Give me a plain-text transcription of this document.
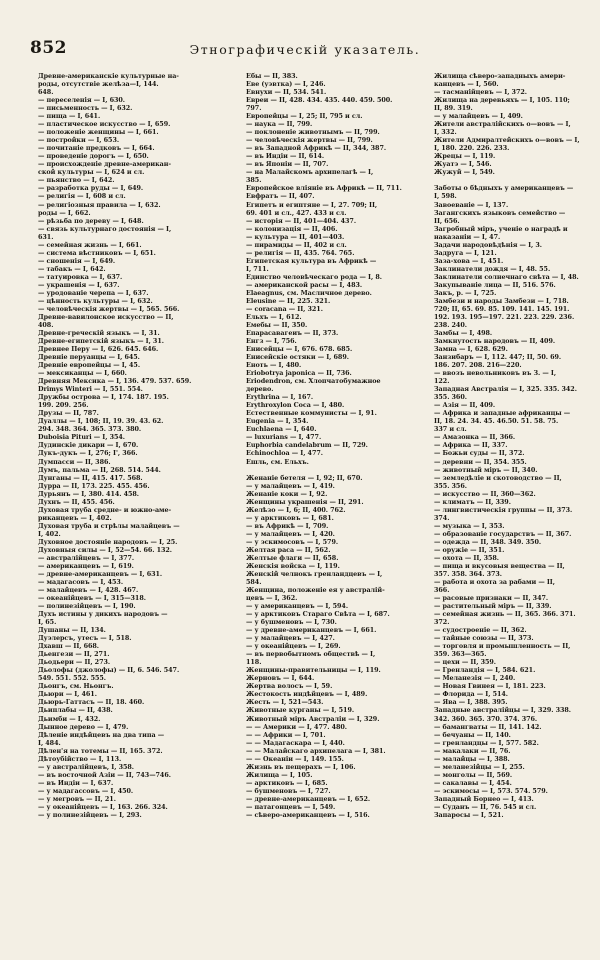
852	Этнографическій указатель.
Древне-американскіе культурные на-
роды, отсутствіе желѣза—I, 144.
648.
— переселенія — I, 630.
— письменность — I, 632.
— пища — I, 641.
— пластическое искусство — I, 659.
— положеніе женщины — I, 661.
— постройки — I, 653.
— почитаніе предковъ — I, 664.
— проведеніе дорогъ — I, 650.
— происхожденіе древне-американ-
ской культуры — I, 624 и сл.
— пьянство — I, 642.
— разработка руды — I, 649.
— религія — I, 608 и сл.
— религіозныя правила — I, 632.
роды — I, 662.
— рѣзьба по дереву — I, 648.
— связь культурнаго достоянія — I,
631.
— семейная жизнь — I, 661.
— система вѣстниковъ — I, 651.
— сношенія — I, 649.
— табакъ — I, 642.
— татуировка — I, 637.
— украшенія — I, 637.
— уродованіе черепа — I, 637.
— цѣнность культуры — I, 632.
— человѣческія жертвы — I, 565. 566.
Древне-вавилонское искусство — II,
408.
Древне-греческій языкъ — I, 31.
Древне-египетскій языкъ — I, 31.
Древнее Перу — I, 626. 645. 646.
Древніе перуанцы — I, 645.
Древніе европейцы — I, 45.
— мексиканцы — I, 660.
Древняя Мексика — I, 136. 479. 537. 659.
Drimys Winteri — I, 551. 554.
Дружбы острова — I, 174. 187. 195.
199. 209. 256.
Друзы — II, 787.
Дуаллы — I, 108; II, 19. 39. 43. 62.
294. 348. 364. 365. 373. 380.
Duboisia Pituri — I, 354.
Дудинскіе дикари — I, 670.
Дукъ-дукъ — I, 276; I', 366.
Думпасси — II, 386.
Думъ, пальма — II, 268. 514. 544.
Дунганы — II, 415. 417. 568.
Дурра — II, 173. 225. 455. 456.
Дурьянъ — I, 380. 414. 458.
Духнъ — II, 455. 456.
Духовая труба средне- и южно-аме-
риканцевъ — I, 402.
Духовая труба и стрѣлы малайцевъ —
I, 402.
Духовное достояніе народовъ — I, 25.
Духовныя силы — I, 52—54. 66. 132.
— австралійцевъ — I, 377.
— американцевъ — I, 619.
— древне-американцевъ — I, 631.
— мадагасовъ — I, 453.
— малайцевъ — I, 428. 467.
— океанійцевъ — I, 315—318.
— полинезійцевъ — I, 190.
Духъ истины у дикихъ народовъ —
I, 65.
Душаны — II, 134.
Дуэлерсъ, утесъ — I, 518.
Дхавш — II, 668.
Дьенгези — II, 271.
Дьодьери — II, 273.
Дьолофы (джолофы) — II, 6. 546. 547.
549. 551. 552. 555.
Дьонгъ, см. Ньонгъ.
Дьюри — I, 461.
Дьюрь-Гаттасъ — II, 18. 460.
Дьиплабы — II, 438.
Дьимби — I, 432.
Дынное дерево — I, 479.
Дѣленіе индѣйцевъ на два типа —
I, 484.
Дѣлен'я на тотемы — II, 165. 372.
Дѣтоубійство — I, 113.
— у австралійцевъ, I, 358.
— въ восточной Азіи — II, 743—746.
— въ Индіи — I, 637.
— у мадагассовъ — I, 450.
— у мегровъ — II, 21.
— у океанійцевъ — I, 163. 266. 324.
— у полинезійцевъ — I, 293.
Ебы — II, 383.
Еве (уэвтка) — I, 246.
Евнухи — II, 534. 541.
Евреи — II, 428. 434. 435. 440. 459. 500.
797.
Европейцы — I, 25; II, 795 и сл.
— наука — II, 799.
— поклоненіе животнымъ — II, 799.
— человѣческія жертвы — II, 799.
— въ Западной Африкѣ — II, 344, 387.
— въ Индіи — II, 614.
— въ Японіи — II, 707.
— на Малайскомъ архипелагѣ — I,
385.
Европейское вліяніе въ Африкѣ — II, 711.
Евфратъ — II, 407.
Египетъ и египтяне — I, 27. 709; II,
69. 401 и сл., 427. 433 и сл.
— исторія — II, 401—404. 437.
— колонизація — II, 406.
— культура — II, 401—403.
— пирамиды — II, 402 и сл.
— религія — II, 435. 764. 765.
Египетская культура въ Африкѣ —
I, 711.
Единство человѣческаго рода — I, 8.
— американской расы — I, 483.
Elaeagnus, см. Масличное дерево.
Eleusine — II, 225. 321.
— coracana — II, 321.
Ельхъ — I, 612.
Емебы — II, 350.
Епарасавагеиъ — II, 373.
Енгз — I, 756.
Енисейцы — I, 676. 678. 685.
Енисейскіе остяки — I, 689.
Еноть — I, 480.
Eriobotrya japonica — II, 736.
Eriodendron, см. Хлопчатобумажное
дерево.
Erythrina — I, 167.
Erythroxylon Coca — I, 480.
Естественные коммунисты — I, 91.
Eugenia — I, 354.
Euchlaena — I, 640.
— luxurians — I, 477.
Euphorbia candelabrum — II, 729.
Echinochloa — I, 477.
Ешль, см. Ельхъ.
Женаніе бетеля — I, 92; II, 670.
— у малайцевъ — I, 419.
Женаніе коки — I, 92.
Женщины украшенія — II, 291.
Желѣзо — I, 6; II, 400. 762.
— у арктиковъ — I, 681.
— въ Африкѣ — I, 709.
— у малайцевъ — I, 420.
— у эскимосовъ — I, 579.
Желтая раса — II, 562.
Желтые флаги — II, 658.
Женскія войска — I, 119.
Женскій челнокъ гренландцевъ — I,
584.
Женщина, положеніе ея у австралій-
цевъ — I, 362.
— у американцевъ — I, 594.
— у арктиковъ Стараго Свѣта — I, 687.
— у бушменовъ — I, 730.
— у древне-американцевъ — I, 661.
— у малайцевъ — I, 427.
— у океанійцевъ — I, 269.
— въ первобытномъ обществѣ — I,
118.
Женщины-правительницы — I, 119.
Жерновъ — I, 644.
Жертва волосъ — I, 59.
Жестокость индѣйцевъ — I, 489.
Жесть — I, 521—543.
Животные курганы — I, 519.
Животный міръ Австраліи — I, 329.
— — Америки — I, 477. 480.
— — Африки — I, 701.
— — Мадагаскара — I, 440.
— — Малайскаго архипелага — I, 381.
— — Океаніи — I, 149. 155.
Жизнь въ пещерахъ — I, 106.
Жилища — I, 105.
— арктиковъ — I, 685.
— бушменовъ — I, 727.
— древне-американцевъ — I, 652.
— патагонцевъ — I, 549.
— сѣверо-американцевъ — I, 516.
Жилища сѣверо-западныхъ амери-
канцевъ — I, 560.
— тасманійцевъ — I, 372.
Жилища на деревьяхъ — I, 105. 110;
II, 89. 319.
— у малайцевъ — I, 409.
Жители австралійскихъ о—вовъ — I,
I, 332.
Жители Адмиралтейскихъ о—вовъ — I,
I, 180. 220. 226. 233.
Жрецы — I, 119.
Жуатэ — I, 546.
Жужуй — I, 549.
Заботы о бѣдныхъ у американцевъ —
I, 598.
Завоеваніе — I, 137.
Загангскихъ языковъ семейство —
II, 656.
Загробный міръ, ученіе о наградѣ и
наказаніи — I, 47.
Задачи народовѣдѣнія — I, 3.
Задруга — I, 121.
Заза-хова — I, 451.
Заклинатели дождя — I, 48. 55.
Заклинатели солнечнаго свѣта — I, 48.
Закупываніе лица — II, 516. 576.
Закъ, р. — I, 725.
Замбези и народы Замбези — I, 718.
720; II, 65. 69. 85. 109. 141. 145. 191.
192. 193. 195—197. 221. 223. 229. 236.
238. 240.
Замбы — I, 498.
Замкнутость народовъ — II, 409.
Замна — I, 628. 629.
Занзибаръ — I, 112. 447; II, 50. 69.
186. 207. 208. 216—220.
— ввозъ невольниковъ въ З. — I,
122.
Западная Австралія — I, 325. 335. 342.
355. 360.
— Азія — II, 409.
— Африка и западные африканцы —
II, 18. 24. 34. 45. 46.50. 51. 58. 75.
337 и сл.
— Амазонка — II, 366.
— Африка — II, 337.
— Божьи суды — II, 372.
— деревни — II, 354. 355.
— животный міръ — II, 340.
— земледѣліе и скотоводство — II,
355. 356.
— искусство — II, 360—362.
— климатъ — II, 339.
— лингвистическія группы — II, 373.
374.
— музыка — I, 353.
— образованіе государствъ — II, 367.
— одежда — II, 348. 349. 350.
— оружіе — II, 351.
— охота — II, 358.
— пища и вкусовыя вещества — II,
357. 358. 364. 373.
— работа и охота за рабами — II,
366.
— расовые признаки — II, 347.
— растительный міръ — II, 339.
— семейная жизнь — II, 365. 366. 371.
372.
— судостроеніе — II, 362.
— тайные союзы — II, 373.
— торговля и промышленность — II,
359. 363—365.
— цехи — II, 359.
— Гренландія — I, 584. 621.
— Меланезія — I, 240.
— Новая Гвинея — I, 181. 223.
— Флорида — I, 514.
— Ява — I, 388. 395.
Западные австралійцы — I, 329. 338.
342. 360. 365. 370. 374. 376.
— бамангваты — II, 141. 142.
— бечуаны — II, 140.
— гренландцы — I, 577. 582.
— макалаки — II, 76.
— малайцы — I, 388.
— меланезійцы — I, 255.
— монголы — II, 569.
— сакалавы — I, 454.
— эскимосы — I, 573. 574. 579.
Западный Борнео — I, 413.
— Суданъ — II, 76. 545 и сл.
Запаросы — I, 521.
